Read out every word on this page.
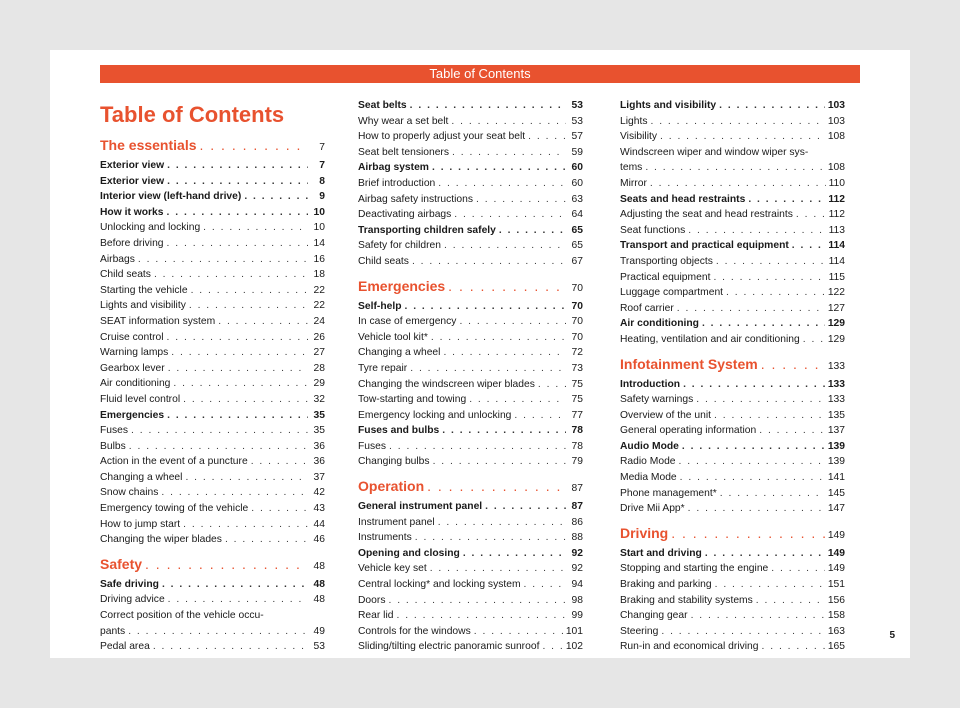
Table of Contents
Table of Contents
The essentials . . .	7
Exterior view . . .	7
Exterior view . . .	8
Interior view (left-hand drive) . . .	9
How it works . . .	10
Unlocking and locking . . .	10
Before driving . . .	14
Airbags . . .	16
Child seats . . .	18
Starting the vehicle . . .	22
Lights and visibility . . .	22
SEAT information system . . .	24
Cruise control . . .	26
Warning lamps . . .	27
Gearbox lever . . .	28
Air conditioning . . .	29
Fluid level control . . .	32
Emergencies . . .	35
Fuses . . .	35
Bulbs . . .	36
Action in the event of a puncture . . .	36
Changing a wheel . . .	37
Snow chains . . .	42
Emergency towing of the vehicle . . .	43
How to jump start . . .	44
Changing the wiper blades . . .	46
Safety . . .	48
Safe driving . . .	48
Driving advice . . .	48
Correct position of the vehicle occu-
pants . . .	49
Pedal area . . .	53
Seat belts . . .	53
Why wear a set belt . . .	53
How to properly adjust your seat belt . . .	57
Seat belt tensioners . . .	59
Airbag system . . .	60
Brief introduction . . .	60
Airbag safety instructions . . .	63
Deactivating airbags . . .	64
Transporting children safely . . .	65
Safety for children . . .	65
Child seats . . .	67
Emergencies . . .	70
Self-help . . .	70
In case of emergency . . .	70
Vehicle tool kit* . . .	70
Changing a wheel . . .	72
Tyre repair . . .	73
Changing the windscreen wiper blades . . .	75
Tow-starting and towing . . .	75
Emergency locking and unlocking . . .	77
Fuses and bulbs . . .	78
Fuses . . .	78
Changing bulbs . . .	79
Operation . . .	87
General instrument panel . . .	87
Instrument panel . . .	86
Instruments . . .	88
Opening and closing . . .	92
Vehicle key set . . .	92
Central locking* and locking system . . .	94
Doors . . .	98
Rear lid . . .	99
Controls for the windows . . .	101
Sliding/tilting electric panoramic sunroof . . .	102
Lights and visibility . . .	103
Lights . . .	103
Visibility . . .	108
Windscreen wiper and window wiper sys-
tems . . .	108
Mirror . . .	110
Seats and head restraints . . .	112
Adjusting the seat and head restraints . . .	112
Seat functions . . .	113
Transport and practical equipment . . .	114
Transporting objects . . .	114
Practical equipment . . .	115
Luggage compartment . . .	122
Roof carrier . . .	127
Air conditioning . . .	129
Heating, ventilation and air conditioning . . .	129
Infotainment System . . .	133
Introduction . . .	133
Safety warnings . . .	133
Overview of the unit . . .	135
General operating information . . .	137
Audio Mode . . .	139
Radio Mode . . .	139
Media Mode . . .	141
Phone management* . . .	145
Drive Mii App* . . .	147
Driving . . .	149
Start and driving . . .	149
Stopping and starting the engine . . .	149
Braking and parking . . .	151
Braking and stability systems . . .	156
Changing gear . . .	158
Steering . . .	163
Run-in and economical driving . . .	165
5
